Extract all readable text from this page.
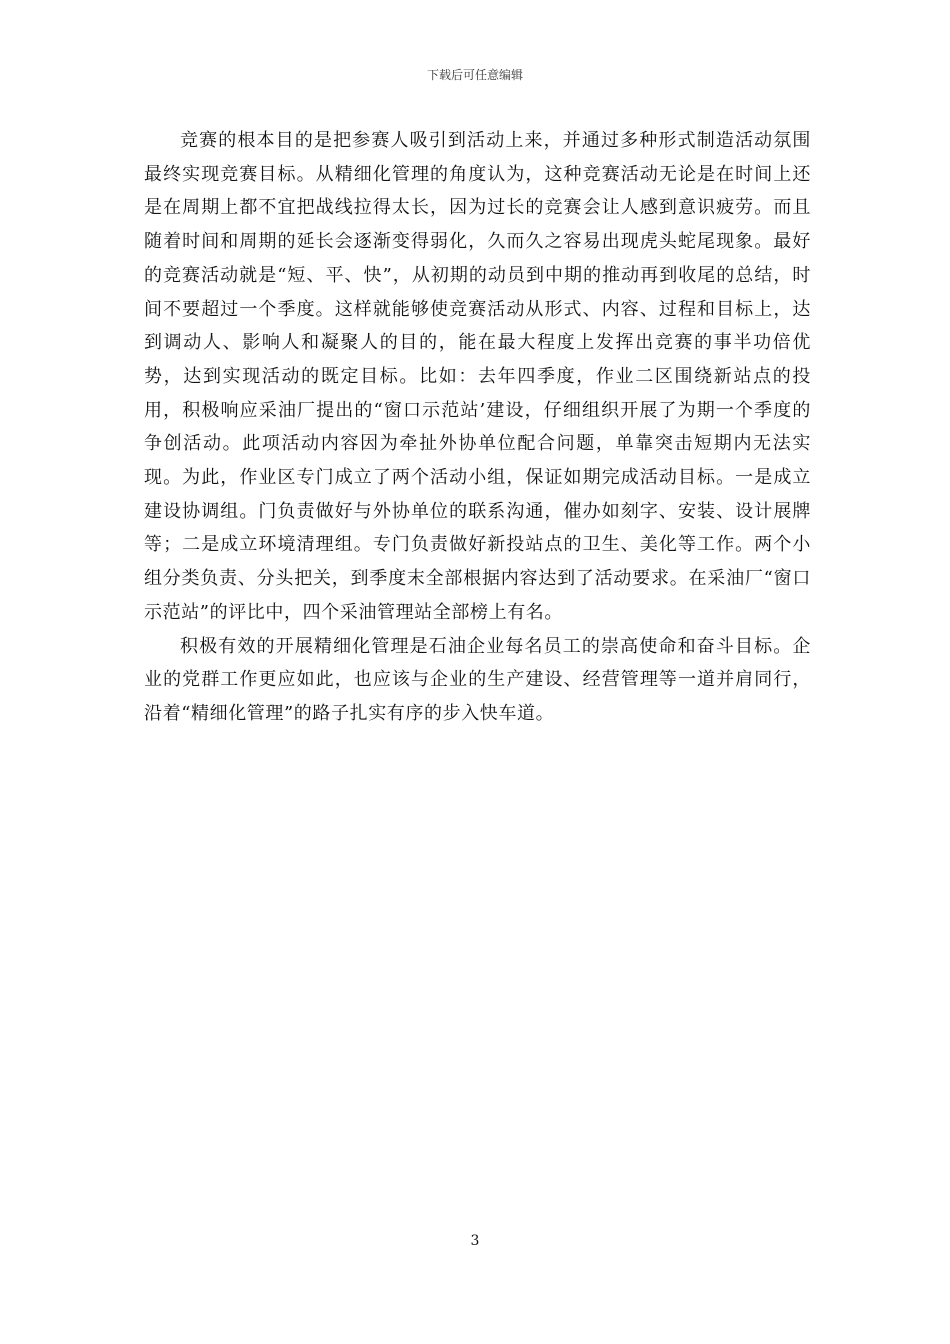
下载后可任意编辑

竞赛的根本目的是把参赛人吸引到活动上来，并通过多种形式制造活动氛围最终实现竞赛目标。从精细化管理的角度认为，这种竞赛活动无论是在时间上还是在周期上都不宜把战线拉得太长，因为过长的竞赛会让人感到意识疲劳。而且随着时间和周期的延长会逐渐变得弱化，久而久之容易出现虎头蛇尾现象。最好的竞赛活动就是“短、平、快”，从初期的动员到中期的推动再到收尾的总结，时间不要超过一个季度。这样就能够使竞赛活动从形式、内容、过程和目标上，达到调动人、影响人和凝聚人的目的，能在最大程度上发挥出竞赛的事半功倍优势，达到实现活动的既定目标。比如：去年四季度，作业二区围绕新站点的投用，积极响应采油厂提出的“窗口示范站’建设，仔细组织开展了为期一个季度的争创活动。此项活动内容因为牵扯外协单位配合问题，单靠突击短期内无法实现。为此，作业区专门成立了两个活动小组，保证如期完成活动目标。一是成立建设协调组。门负责做好与外协单位的联系沟通，催办如刻字、安装、设计展牌等；二是成立环境清理组。专门负责做好新投站点的卫生、美化等工作。两个小组分类负责、分头把关，到季度末全部根据内容达到了活动要求。在采油厂“窗口示范站”的评比中，四个采油管理站全部榜上有名。

积极有效的开展精细化管理是石油企业每名员工的崇高使命和奋斗目标。企业的党群工作更应如此，也应该与企业的生产建设、经营管理等一道并肩同行，沿着“精细化管理”的路子扎实有序的步入快车道。

3
